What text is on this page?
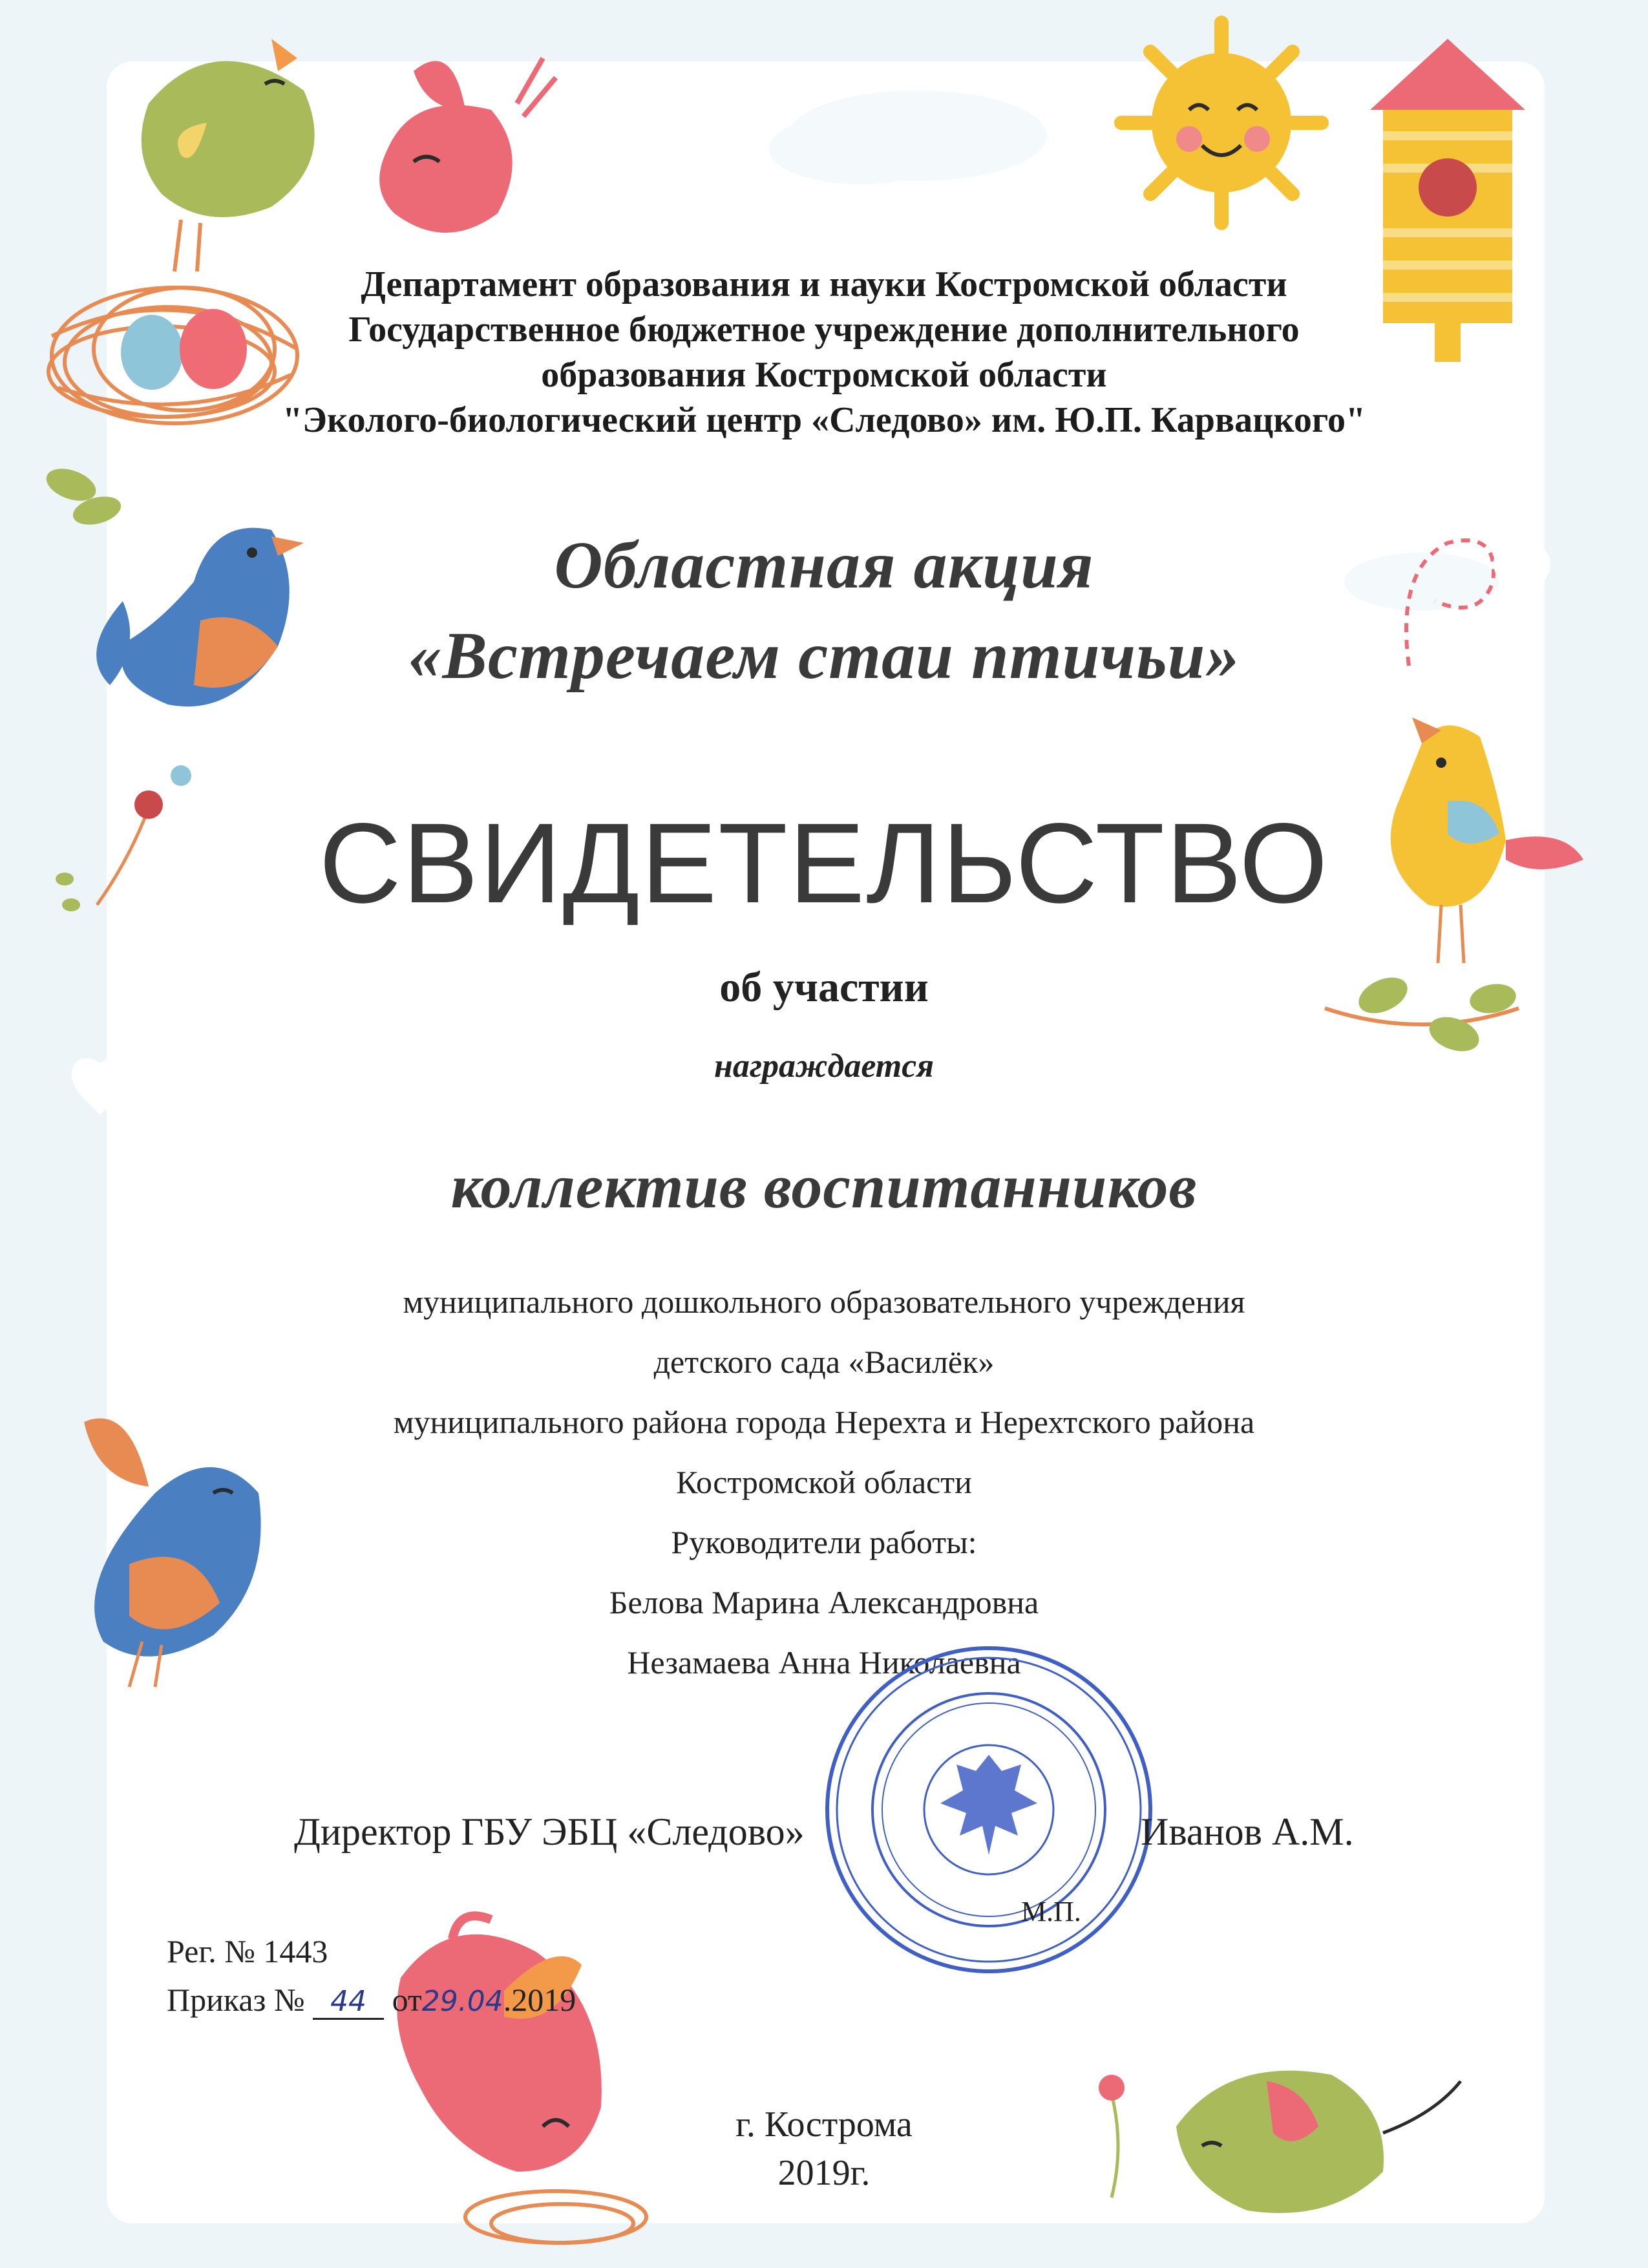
Департамент образования и науки Костромской области

Государственное бюджетное учреждение дополнительного

образования Костромской области

"Эколого-биологический центр «Следово» им. Ю.П. Карвацкого"

Областная акция

«Встречаем стаи птичьи»

СВИДЕТЕЛЬСТВО

об участии

награждается

коллектив воспитанников

муниципального дошкольного образовательного учреждения

детского сада «Василёк»

муниципального района города Нерехта и Нерехтского района

Костромской области

Руководители работы:

Белова Марина Александровна

Незамаева Анна Николаевна

Директор ГБУ ЭБЦ «Следово»	Иванов А.М.

М.П.

Рег. № 1443

Приказ № 44 от29.04.2019

г. Кострома

2019г.
